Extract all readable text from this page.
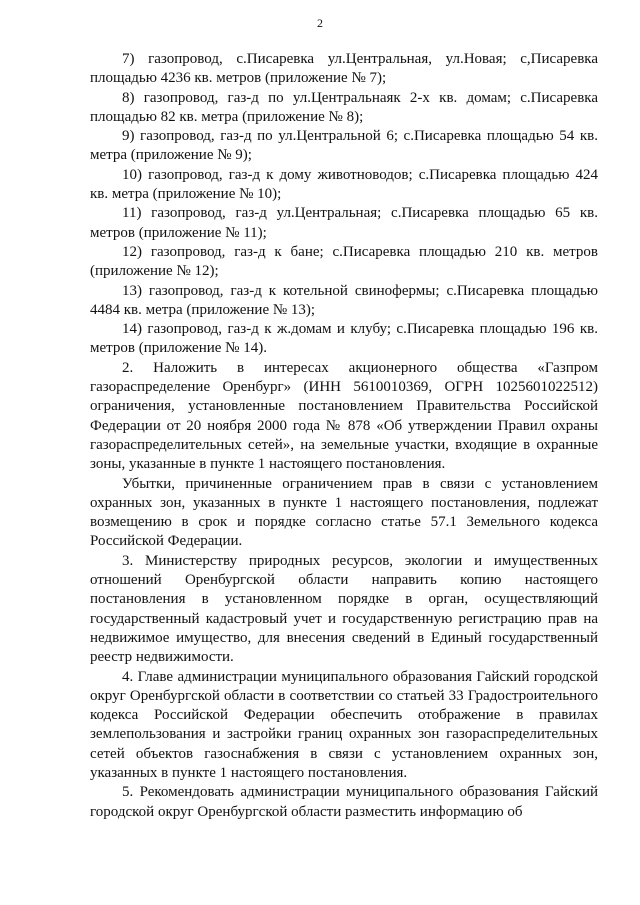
2

7) газопровод, с.Писаревка ул.Центральная, ул.Новая; с,Писаревка площадью 4236 кв. метров (приложение № 7);

8) газопровод, газ-д по ул.Центральнаяк 2-х кв. домам; с.Писаревка площадью 82 кв. метра (приложение № 8);

9) газопровод, газ-д по ул.Центральной 6; с.Писаревка площадью 54 кв. метра (приложение № 9);

10) газопровод, газ-д к дому животноводов; с.Писаревка площадью 424 кв. метра (приложение № 10);

11) газопровод, газ-д ул.Центральная; с.Писаревка площадью 65 кв. метров (приложение № 11);

12) газопровод, газ-д к бане; с.Писаревка площадью 210 кв. метров (приложение № 12);

13) газопровод, газ-д к котельной свинофермы; с.Писаревка площадью 4484 кв. метра (приложение № 13);

14) газопровод, газ-д к ж.домам и клубу; с.Писаревка площадью 196 кв. метров (приложение № 14).

2. Наложить в интересах акционерного общества «Газпром газораспределение Оренбург» (ИНН 5610010369, ОГРН 1025601022512) ограничения, установленные постановлением Правительства Российской Федерации от 20 ноября 2000 года № 878 «Об утверждении Правил охраны газораспределительных сетей», на земельные участки, входящие в охранные зоны, указанные в пункте 1 настоящего постановления.

Убытки, причиненные ограничением прав в связи с установлением охранных зон, указанных в пункте 1 настоящего постановления, подлежат возмещению в срок и порядке согласно статье 57.1 Земельного кодекса Российской Федерации.

3. Министерству природных ресурсов, экологии и имущественных отношений Оренбургской области направить копию настоящего постановления в установленном порядке в орган, осуществляющий государственный кадастровый учет и государственную регистрацию прав на недвижимое имущество, для внесения сведений в Единый государственный реестр недвижимости.

4. Главе администрации муниципального образования Гайский городской округ Оренбургской области в соответствии со статьей 33 Градостроительного кодекса Российской Федерации обеспечить отображение в правилах землепользования и застройки границ охранных зон газораспределительных сетей объектов газоснабжения в связи с установлением охранных зон, указанных в пункте 1 настоящего постановления.

5. Рекомендовать администрации муниципального образования Гайский городской округ Оренбургской области разместить информацию об
